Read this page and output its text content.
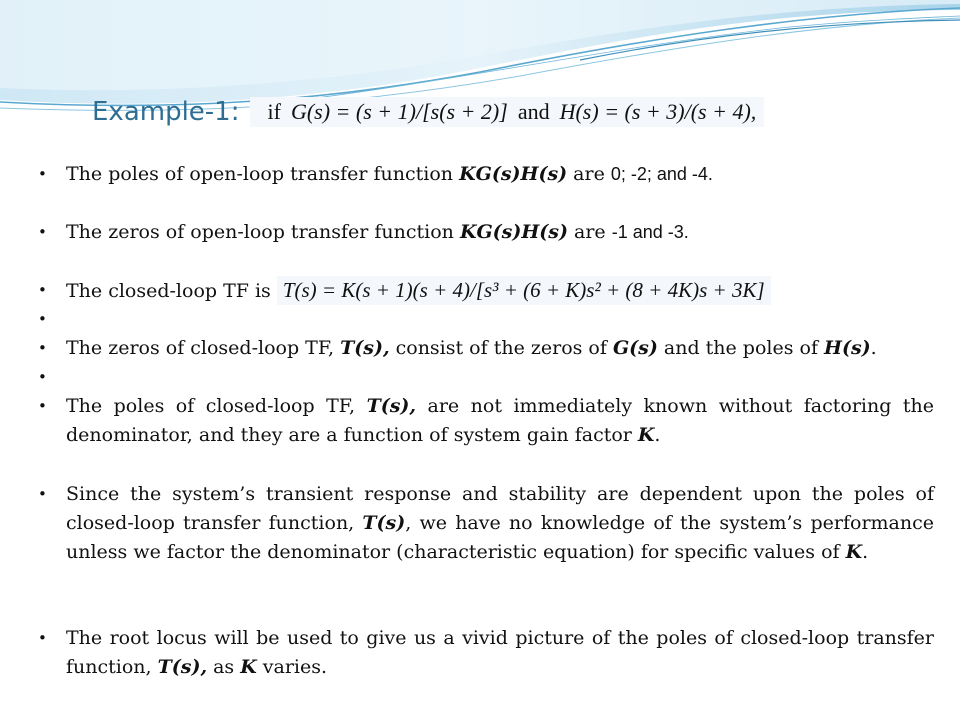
Example-1 : if G(s) = (s + 1)/[s(s + 2)] and H(s) = (s + 3)/(s + 4),
• The poles of open-loop transfer function KG(s)H(s) are 0; -2; and -4.
• The zeros of open-loop transfer function KG(s)H(s) are -1 and -3.
• The closed-loop TF is T(s) = K(s + 1)(s + 4)/[s³ + (6 + K)s² + (8 + 4K)s + 3K]
•
• The zeros of closed-loop TF, T(s), consist of the zeros of G(s) and the poles of H(s).
•
• The poles of closed-loop TF, T(s), are not immediately known without factoring the denominator, and they are a function of system gain factor K.
• Since the system’s transient response and stability are dependent upon the poles of closed-loop transfer function, T(s), we have no knowledge of the system’s performance unless we factor the denominator (characteristic equation) for specific values of K.
• The root locus will be used to give us a vivid picture of the poles of closed-loop transfer function, T(s), as K varies.
